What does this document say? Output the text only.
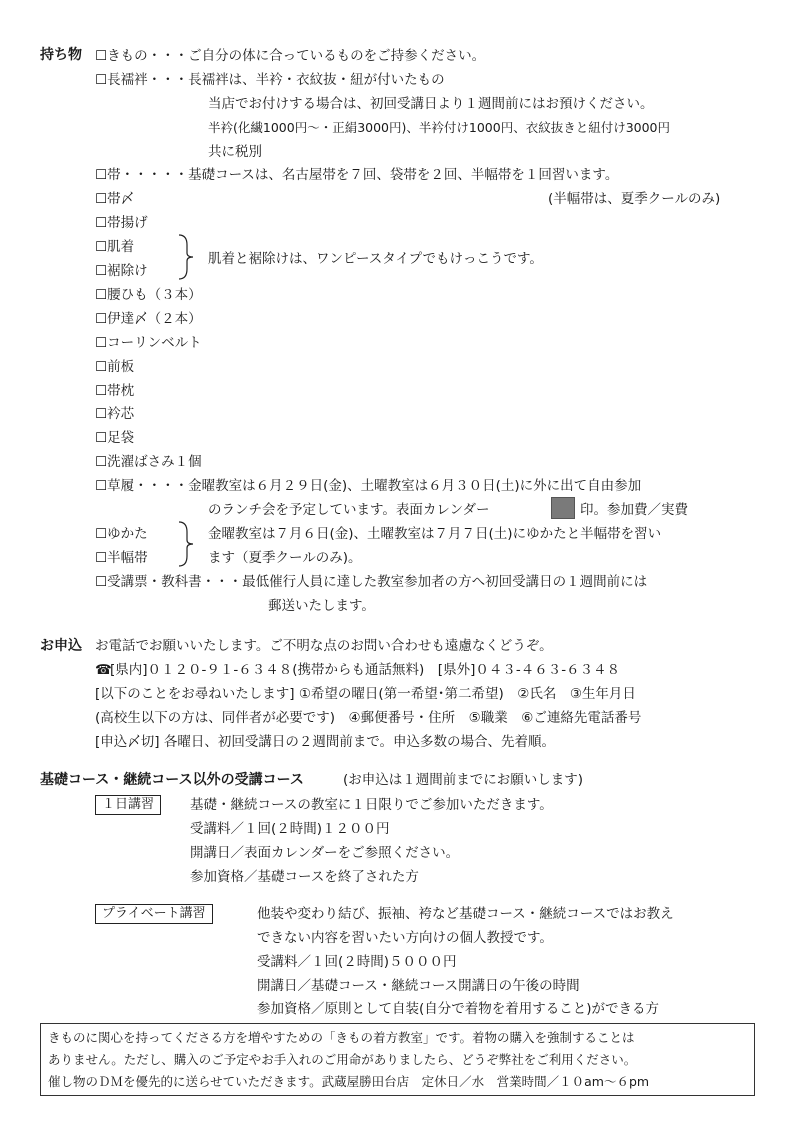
持ち物 ☐きもの・・・ご自分の体に合っているものをご持参ください。
☐長襦袢・・・長襦袢は、半衿・衣紋抜・紐が付いたもの
当店でお付けする場合は、初回受講日より１週間前にはお預けください。
半衿(化繊1000円〜・正絹3000円)、半衿付け1000円、衣紋抜きと紐付け3000円
共に税別
☐帯・・・・・基礎コースは、名古屋帯を７回、袋帯を２回、半幅帯を１回習います。
☐帯〆	(半幅帯は、夏季クールのみ)
☐帯揚げ
☐肌着
☐裾除け
肌着と裾除けは、ワンピースタイプでもけっこうです。
☐腰ひも（３本）
☐伊達〆（２本）
☐コーリンベルト
☐前板
☐帯枕
☐衿芯
☐足袋
☐洗濯ばさみ１個
☐草履・・・・金曜教室は６月２９日(金)、土曜教室は６月３０日(土)に外に出て自由参加
のランチ会を予定しています。表面カレンダー	印。参加費／実費
☐ゆかた
☐半幅帯
金曜教室は７月６日(金)、土曜教室は７月７日(土)にゆかたと半幅帯を習い
ます（夏季クールのみ)。
☐受講票・教科書・・・最低催行人員に達した教室参加者の方へ初回受講日の１週間前には
郵送いたします。
お申込 お電話でお願いいたします。ご不明な点のお問い合わせも遠慮なくどうぞ。
☎
[県内]０１２０-９１-６３４８(携帯からも通話無料)　[県外]０４３-４６３-６３４８
[以下のことをお尋ねいたします] ①希望の曜日(第一希望･第二希望)　②氏名　③生年月日
(高校生以下の方は、同伴者が必要です)　④郵便番号・住所　⑤職業　⑥ご連絡先電話番号
[申込〆切] 各曜日、初回受講日の２週間前まで。申込多数の場合、先着順。
基礎コース・継続コース以外の受講コース	(お申込は１週間前までにお願いします)
１日講習	基礎・継続コースの教室に１日限りでご参加いただきます。
受講料／１回(２時間)１２００円
開講日／表面カレンダーをご参照ください。
参加資格／基礎コースを終了された方
プライベート講習	他装や変わり結び、振袖、袴など基礎コース・継続コースではお教え
できない内容を習いたい方向けの個人教授です。
受講料／１回(２時間)５０００円
開講日／基礎コース・継続コース開講日の午後の時間
参加資格／原則として自装(自分で着物を着用すること)ができる方
きものに関心を持ってくださる方を増やすための「きもの着方教室」です。着物の購入を強制することは
ありません。ただし、購入のご予定やお手入れのご用命がありましたら、どうぞ弊社をご利用ください。
催し物のＤＭを優先的に送らせていただきます。武蔵屋勝田台店　定休日／水　営業時間／１０am〜６pm
